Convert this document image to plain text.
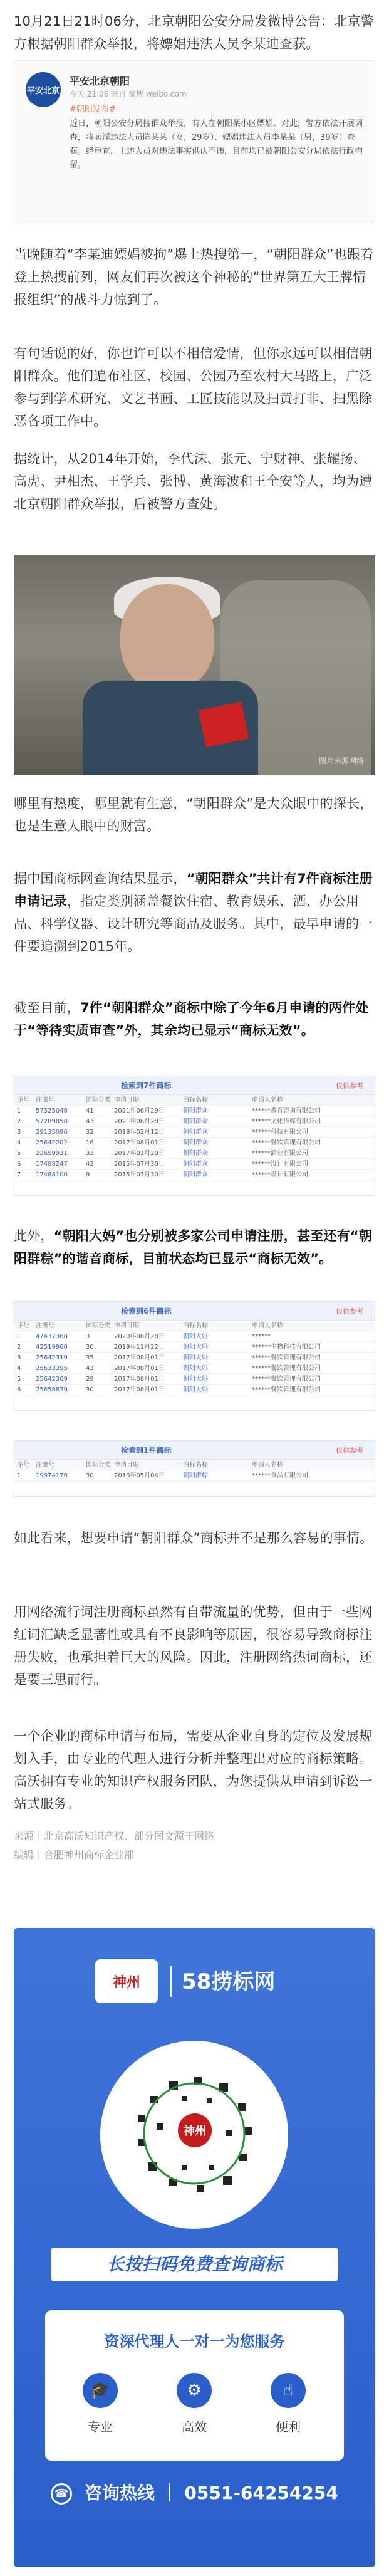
10月21日21时06分，北京朝阳公安分局发微博公告：北京警方根据朝阳群众举报，将嫖娼违法人员李某迪查获。
平安北京
平安北京朝阳
今天 21:06 来自 微博 weibo.com
#朝阳发布#
近日，朝阳公安分局接群众举报，有人在朝阳某小区嫖娼。对此，警方依法开展调查，将卖淫违法人员陈某某（女，29岁）、嫖娼违法人员李某某（男，39岁）查获。经审查，上述人员对违法事实供认不讳，目前均已被朝阳公安分局依法行政拘留。
当晚随着“李某迪嫖娼被拘”爆上热搜第一，“朝阳群众”也跟着登上热搜前列，网友们再次被这个神秘的“世界第五大王牌情报组织”的战斗力惊到了。
有句话说的好，你也许可以不相信爱情，但你永远可以相信朝阳群众。他们遍布社区、校园、公园乃至农村大马路上，广泛参与到学术研究、文艺书画、工匠技能以及扫黄打非、扫黑除恶各项工作中。
据统计，从2014年开始，李代沫、张元、宁财神、张耀扬、高虎、尹相杰、王学兵、张博、黄海波和王全安等人，均为遭北京朝阳群众举报，后被警方查处。
图片来源网络
哪里有热度，哪里就有生意，“朝阳群众”是大众眼中的探长，也是生意人眼中的财富。
据中国商标网查询结果显示，“朝阳群众”共计有7件商标注册申请记录，指定类别涵盖餐饮住宿、教育娱乐、酒、办公用品、科学仪器、设计研究等商品及服务。其中，最早申请的一件要追溯到2015年。
截至目前，7件“朝阳群众”商标中除了今年6月申请的两件处于“等待实质审查”外，其余均已显示“商标无效”。
检索到7件商标	仅供参考
序号	注册号	国际分类 申请日期	商标名称	申请人名称
1	57325048	41	2021年06月29日	朝阳群众	******教育咨询有限公司
2	57289858	43	2021年06月28日	朝阳群众	******文化传媒有限公司
3	29135096	32	2018年02月12日	朝阳群众	******科技有限公司
4	25642202	16	2017年08月01日	朝阳群众	******餐饮管理有限公司
5	22659931	33	2017年01月20日	朝阳群众	******酒业有限公司
6	17488247	42	2015年07月30日	朝阳群众	******设计有限公司
7	17488100	9	2015年07月30日	朝阳群众	******设计有限公司
此外，“朝阳大妈”也分别被多家公司申请注册，甚至还有“朝阳群粽”的谐音商标，目前状态均已显示“商标无效”。
检索到6件商标	仅供参考
序号	注册号	国际分类 申请日期	商标名称	申请人名称
1	47437368	3	2020年06月28日	朝阳大妈	******
2	42519960	30	2019年11月22日	朝阳大妈	******生物科技有限公司
3	25642319	35	2017年08月01日	朝阳大妈	******餐饮管理有限公司
4	25633395	43	2017年08月01日	朝阳大妈	******餐饮管理有限公司
5	25642309	29	2017年08月01日	朝阳大妈	******餐饮管理有限公司
6	25658839	30	2017年08月01日	朝阳大妈	******餐饮管理有限公司
检索到1件商标	仅供参考
序号	注册号	国际分类 申请日期	商标名称	申请人名称
1	19974176	30	2016年05月04日	朝阳群粽	******食品有限公司
如此看来，想要申请“朝阳群众”商标并不是那么容易的事情。
用网络流行词注册商标虽然有自带流量的优势，但由于一些网红词汇缺乏显著性或具有不良影响等原因，很容易导致商标注册失败，也承担着巨大的风险。因此，注册网络热词商标，还是要三思而行。
一个企业的商标申请与布局，需要从企业自身的定位及发展规划入手，由专业的代理人进行分析并整理出对应的商标策略。高沃拥有专业的知识产权服务团队，为您提供从申请到诉讼一站式服务。
来源｜北京高沃知识产权、部分图文源于网络
编辑｜合肥神州商标企业部
神州	58捞标网
神州
长按扫码免费查询商标
资深代理人一对一为您服务
🎓
专业
⚙
高效
☝
便利
☎ 咨询热线 ｜ 0551-64254254
